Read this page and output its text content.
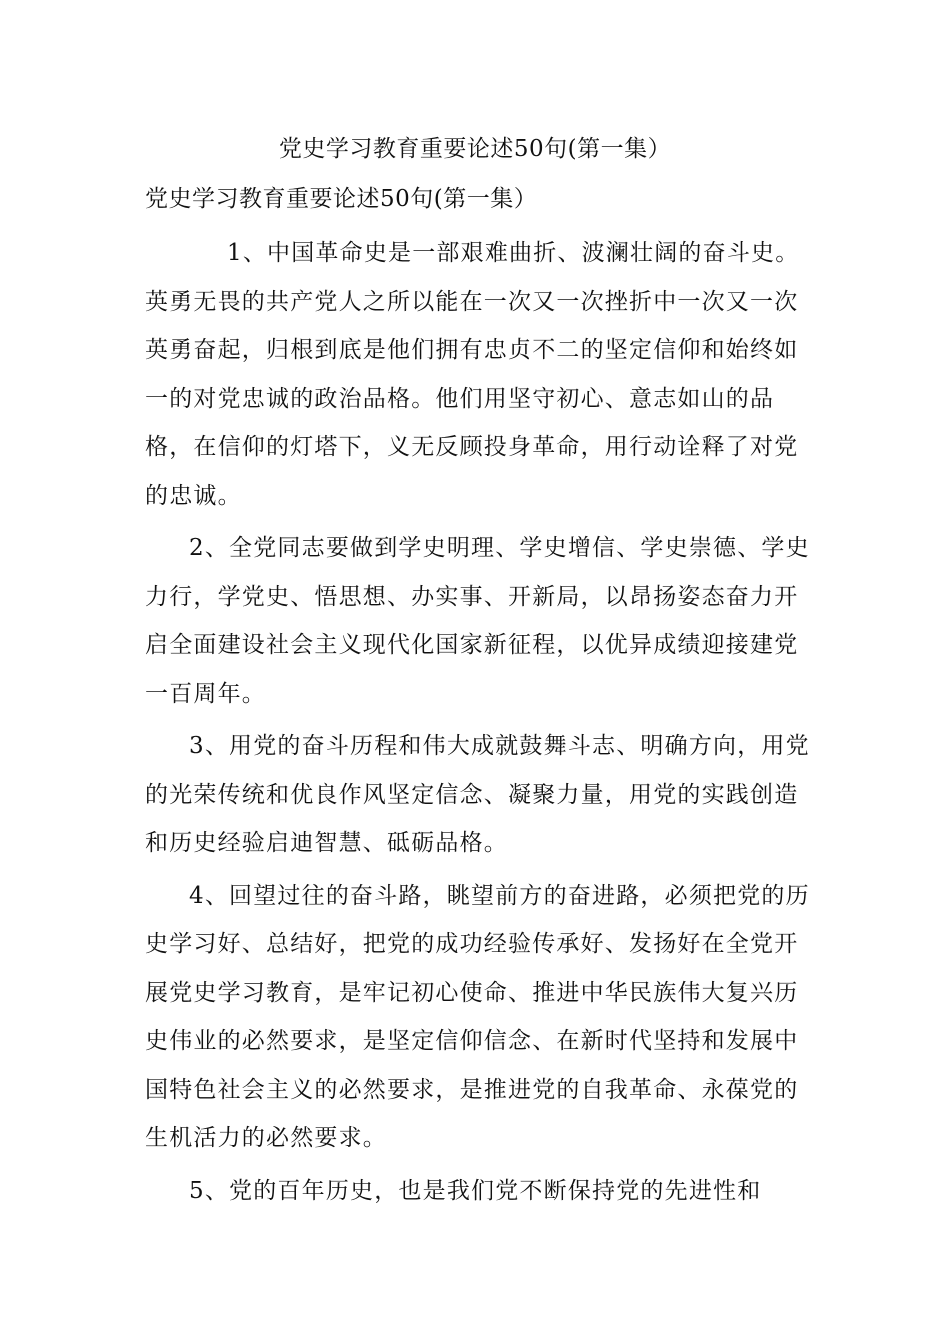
党史学习教育重要论述50句(第一集）

党史学习教育重要论述50句(第一集）

1、中国革命史是一部艰难曲折、波澜壮阔的奋斗史。英勇无畏的共产党人之所以能在一次又一次挫折中一次又一次英勇奋起，归根到底是他们拥有忠贞不二的坚定信仰和始终如一的对党忠诚的政治品格。他们用坚守初心、意志如山的品格，在信仰的灯塔下，义无反顾投身革命，用行动诠释了对党的忠诚。

2、全党同志要做到学史明理、学史增信、学史崇德、学史力行，学党史、悟思想、办实事、开新局，以昂扬姿态奋力开启全面建设社会主义现代化国家新征程，以优异成绩迎接建党一百周年。

3、用党的奋斗历程和伟大成就鼓舞斗志、明确方向，用党的光荣传统和优良作风坚定信念、凝聚力量，用党的实践创造和历史经验启迪智慧、砥砺品格。

4、回望过往的奋斗路，眺望前方的奋进路，必须把党的历史学习好、总结好，把党的成功经验传承好、发扬好在全党开展党史学习教育，是牢记初心使命、推进中华民族伟大复兴历史伟业的必然要求，是坚定信仰信念、在新时代坚持和发展中国特色社会主义的必然要求，是推进党的自我革命、永葆党的生机活力的必然要求。

5、党的百年历史，也是我们党不断保持党的先进性和
